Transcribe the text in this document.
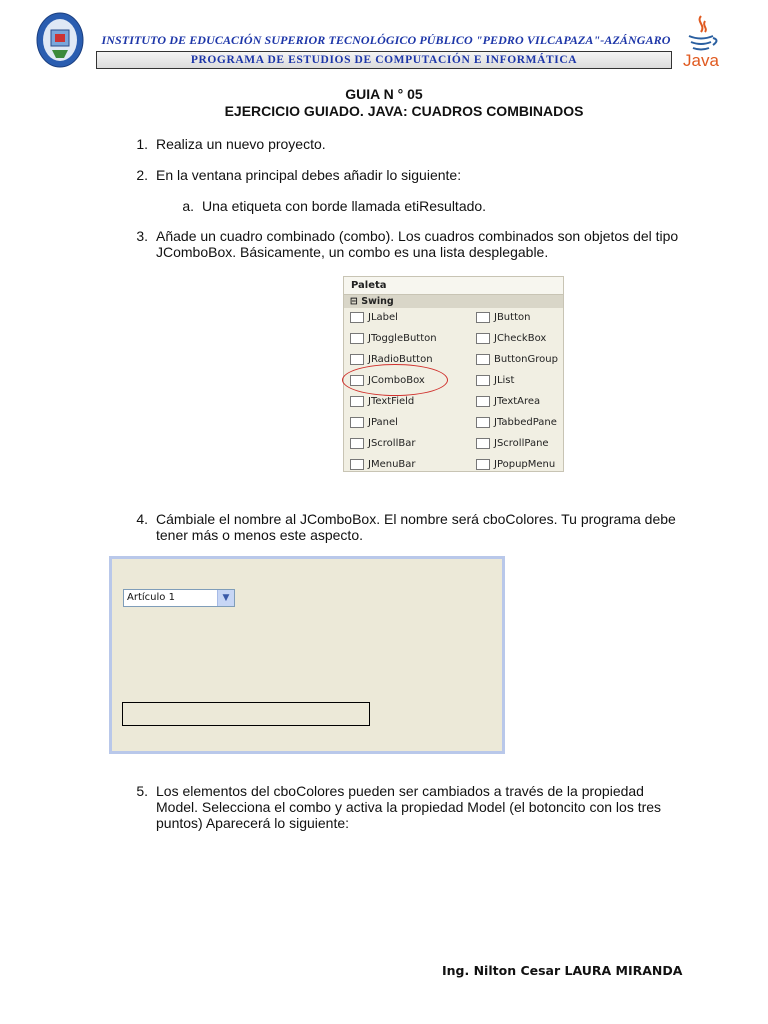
INSTITUTO DE EDUCACIÓN SUPERIOR TECNOLÓGICO PÚBLICO "PEDRO VILCAPAZA"-AZÁNGARO
PROGRAMA DE ESTUDIOS DE COMPUTACIÓN E INFORMÁTICA	Java
GUIA N ° 05
EJERCICIO GUIADO. JAVA: CUADROS COMBINADOS
1. Realiza un nuevo proyecto.
2. En la ventana principal debes añadir lo siguiente:
a. Una etiqueta con borde llamada etiResultado.
3. Añade un cuadro combinado (combo). Los cuadros combinados son objetos del tipo
JComboBox. Básicamente, un combo es una lista desplegable.
Paleta
⊟ Swing
JLabel
JToggleButton
JRadioButton
JComboBox
JTextField
JPanel
JScrollBar
JMenuBar
JButton
JCheckBox
ButtonGroup
JList
JTextArea
JTabbedPane
JScrollPane
JPopupMenu
4. Cámbiale el nombre al JComboBox. El nombre será cboColores. Tu programa debe
tener más o menos este aspecto.
Artículo 1	▼
5. Los elementos del cboColores pueden ser cambiados a través de la propiedad
Model. Selecciona el combo y activa la propiedad Model (el botoncito con los tres
puntos) Aparecerá lo siguiente:
Ing. Nilton Cesar LAURA MIRANDA
